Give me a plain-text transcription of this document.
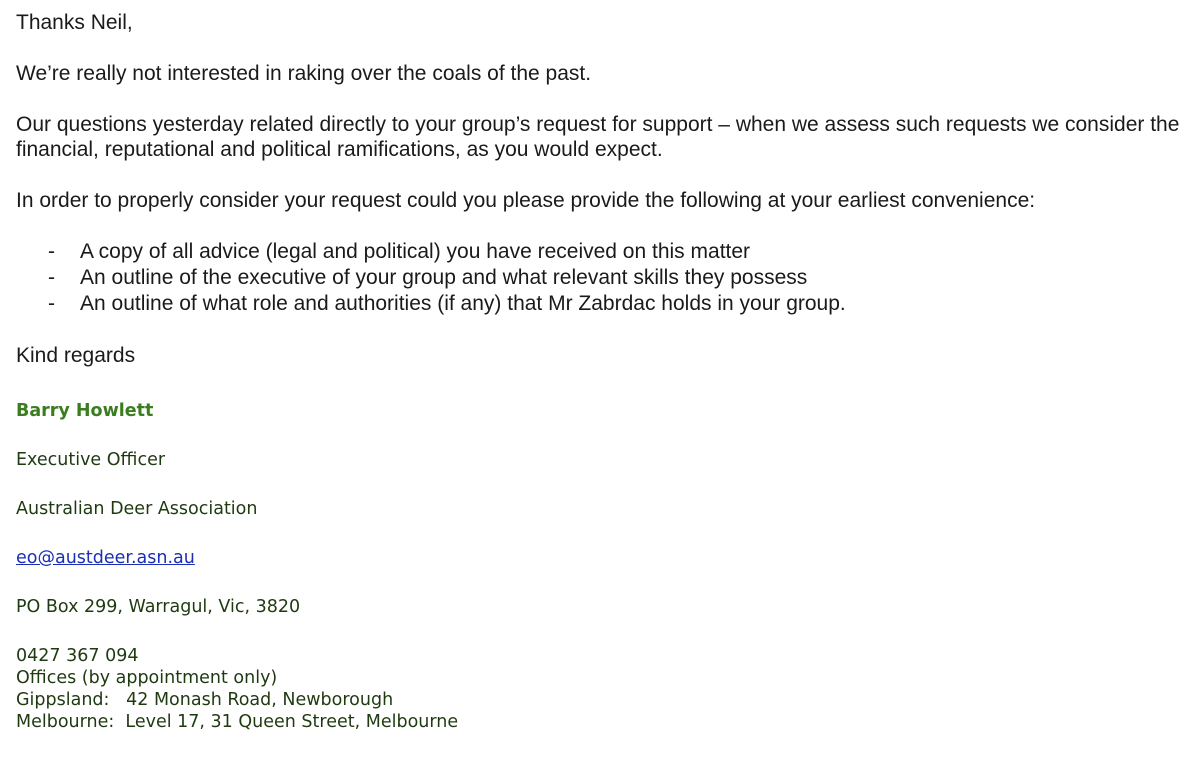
Thanks Neil,

We’re really not interested in raking over the coals of the past.

Our questions yesterday related directly to your group’s request for support – when we assess such requests we consider the financial, reputational and political ramifications, as you would expect.

In order to properly consider your request could you please provide the following at your earliest convenience:

- A copy of all advice (legal and political) you have received on this matter
- An outline of the executive of your group and what relevant skills they possess
- An outline of what role and authorities (if any) that Mr Zabrdac holds in your group.

Kind regards

Barry Howlett
Executive Officer
Australian Deer Association
eo@austdeer.asn.au
PO Box 299, Warragul, Vic, 3820
0427 367 094
Offices (by appointment only)
Gippsland:   42 Monash Road, Newborough
Melbourne:  Level 17, 31 Queen Street, Melbourne
